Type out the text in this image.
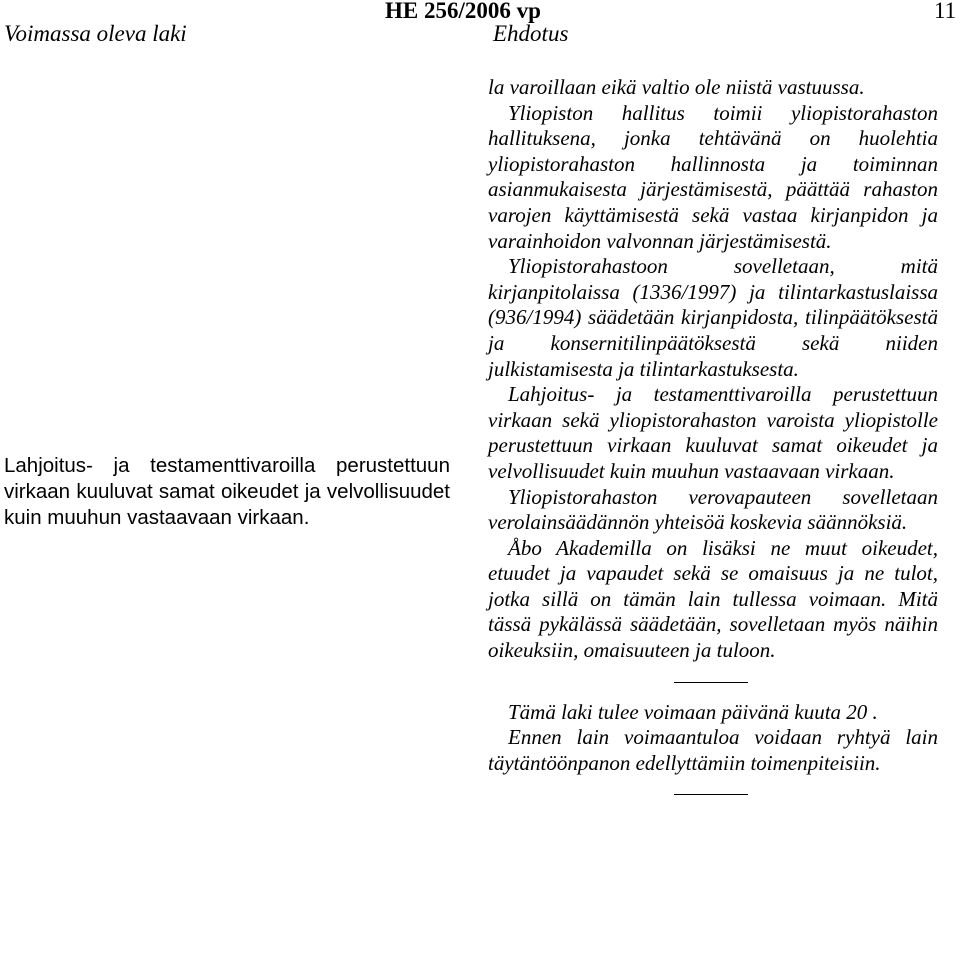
Voimassa oleva laki
HE 256/2006 vp
Ehdotus
11
Lahjoitus- ja testamenttivaroilla perustettuun virkaan kuuluvat samat oikeudet ja velvollisuudet kuin muuhun vastaavaan virkaan.

la varoillaan eikä valtio ole niistä vastuussa.

Yliopiston hallitus toimii yliopistorahaston hallituksena, jonka tehtävänä on huolehtia yliopistorahaston hallinnosta ja toiminnan asianmukaisesta järjestämisestä, päättää rahaston varojen käyttämisestä sekä vastaa kirjanpidon ja varainhoidon valvonnan järjestämisestä.

Yliopistorahastoon sovelletaan, mitä kirjanpitolaissa (1336/1997) ja tilintarkastuslaissa (936/1994) säädetään kirjanpidosta, tilinpäätöksestä ja konsernitilinpäätöksestä sekä niiden julkistamisesta ja tilintarkastuksesta.

Lahjoitus- ja testamenttivaroilla perustettuun virkaan sekä yliopistorahaston varoista yliopistolle perustettuun virkaan kuuluvat samat oikeudet ja velvollisuudet kuin muuhun vastaavaan virkaan.

Yliopistorahaston verovapauteen sovelletaan verolainsäädännön yhteisöä koskevia säännöksiä.

Åbo Akademilla on lisäksi ne muut oikeudet, etuudet ja vapaudet sekä se omaisuus ja ne tulot, jotka sillä on tämän lain tullessa voimaan. Mitä tässä pykälässä säädetään, sovelletaan myös näihin oikeuksiin, omaisuuteen ja tuloon.

Tämä laki tulee voimaan päivänä kuuta 20 .

Ennen lain voimaantuloa voidaan ryhtyä lain täytäntöönpanon edellyttämiin toimenpiteisiin.
